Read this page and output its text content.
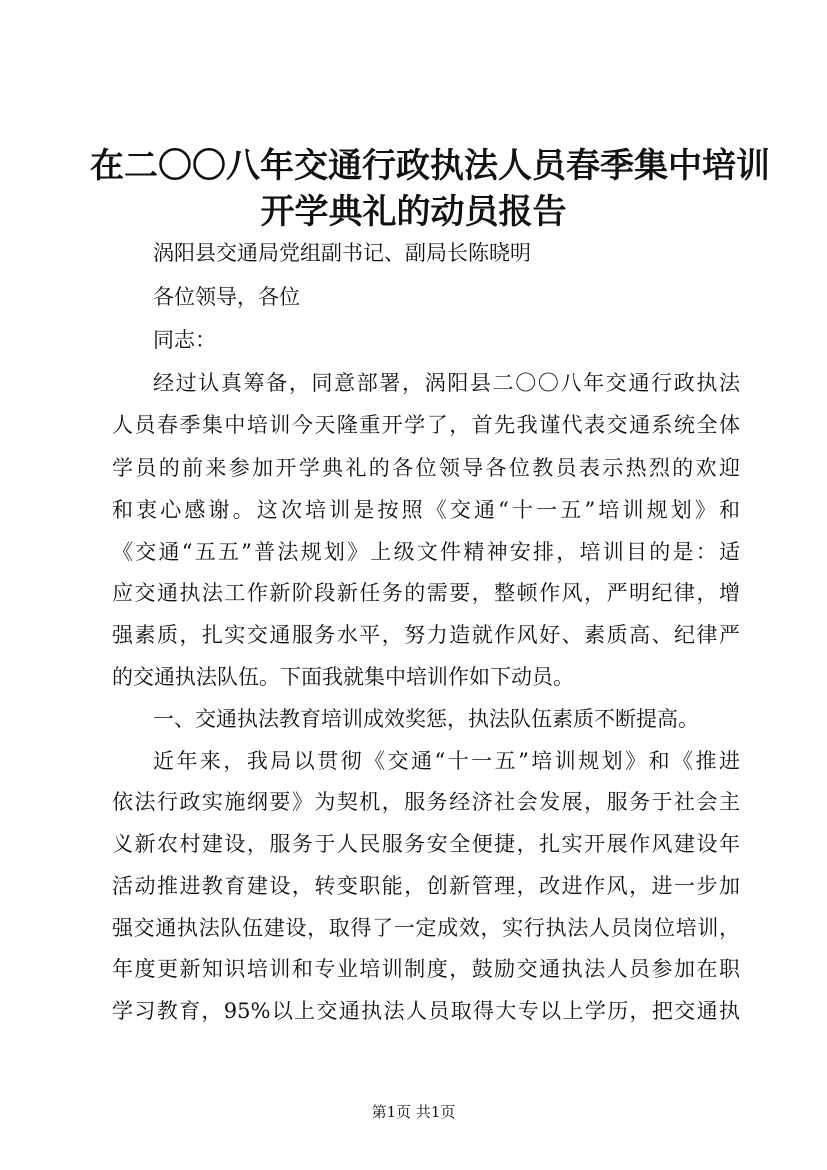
在二〇〇八年交通行政执法人员春季集中培训
开学典礼的动员报告
涡阳县交通局党组副书记、副局长陈晓明
各位领导，各位
同志：
经过认真筹备，同意部署，涡阳县二〇〇八年交通行政执法
人员春季集中培训今天隆重开学了，首先我谨代表交通系统全体
学员的前来参加开学典礼的各位领导各位教员表示热烈的欢迎
和衷心感谢。这次培训是按照《交通“十一五”培训规划》和
《交通“五五”普法规划》上级文件精神安排，培训目的是：适
应交通执法工作新阶段新任务的需要，整顿作风，严明纪律，增
强素质，扎实交通服务水平，努力造就作风好、素质高、纪律严
的交通执法队伍。下面我就集中培训作如下动员。
一、交通执法教育培训成效奖惩，执法队伍素质不断提高。
近年来，我局以贯彻《交通“十一五”培训规划》和《推进
依法行政实施纲要》为契机，服务经济社会发展，服务于社会主
义新农村建设，服务于人民服务安全便捷，扎实开展作风建设年
活动推进教育建设，转变职能，创新管理，改进作风，进一步加
强交通执法队伍建设，取得了一定成效，实行执法人员岗位培训，
年度更新知识培训和专业培训制度，鼓励交通执法人员参加在职
学习教育，95%以上交通执法人员取得大专以上学历，把交通执
第1页 共1页
